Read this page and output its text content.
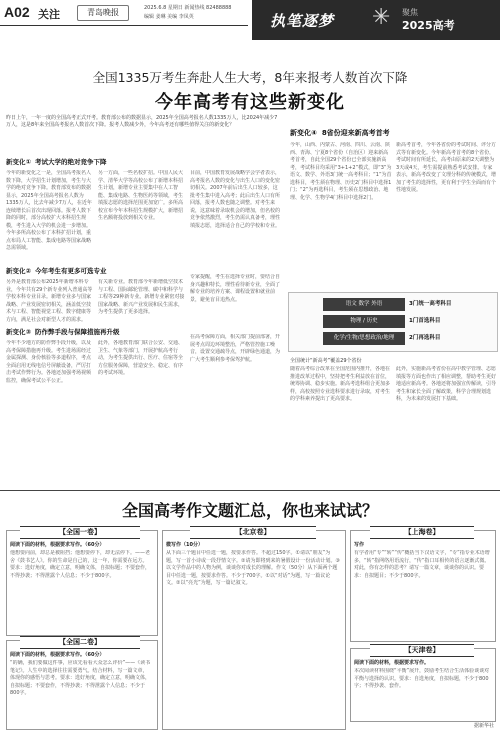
A02 关注	青岛晚报	2025.6.8 星期日 新闻热线 82488888
编辑 姜琳 美编 李凤英	执笔逐梦 ✳ 聚焦
2025高考
全国1335万考生奔赴人生大考，8年来报考人数首次下降
今年高考有这些新变化
昨日上午，一年一度的全国高考正式开考。教育部公布的数据显示，2025年全国高考报名人数1335万人，比2024年减少7万人，这是8年来全国高考报名人数首次下降。报考人数减少外，今年高考还有哪些值得关注的新变化？
新变化① 考试大学的绝对竞争下降
今年的新变化之一是，全国高考报名人数下降，大学招生计划增加，考生与大学的绝对竞争下降。教育部发布的数据显示，2025年全国高考报名人数为1335万人，比去年减少7万人，在近年连续增长后首次出现回落。报考人数下降的同时，部分高校扩大本科招生规模，考生进入大学的机会进一步增加。今年多所高校公布了本科扩招计划，重点布局人工智能、集成电路等国家战略急需领域。
另一方面，一些名校扩招。中国人民大学、清华大学等高校公布了新增本科招生计划，新增专业主要集中在人工智能、集成电路、生物医药等领域，考生填报志愿的选择范围更加宽广。多所高校宣布今年本科招生规模扩大，新增招生名额将投放到相关专业。
目前，中国教育发展战略学会学者表示，高考报名人数的变化与出生人口的变化密切相关。2007年前后出生人口较多，这批考生集中进入高考；此后出生人口有所回落，报考人数也随之调整。对考生来说，这意味着录取机会的增加，但名校的竞争依然激烈，考生仍需认真备考，理性填报志愿，选择适合自己的学校和专业。
新变化② 今年考生有更多可选专业
另外是教育部公布2025年新增本科专业，今年共有29个新专业列入普通高等学校本科专业目录。新增专业多与国家战略、产业发展密切相关，涵盖低空技术与工程、智能视觉工程、数字健康等方向，满足社会对新型人才的需求。
有关新专业。教育部今年新增低空技术与工程、国际邮轮管理、碳中和科学与工程等29种新专业。新增专业紧密对接国家战略、新兴产业发展和民生需求，为考生提供了更多选择。
专家提醒，考生在选择专业时，要结合自身兴趣和特长，理性看待新专业，全面了解专业的培养方案、课程设置和就业前景，避免盲目追热点。
新变化③ 防作弊手段与保障措施再升级
今年不少地方的防作弊手段升级，以及高考保障措施再升级。考生进场需经过金属探测、身份核验等多道程序，考点全面启用无线电信号屏蔽设备，严厉打击考试作弊行为。各地还加强考场视频监控，确保考试公平公正。
此外，各地教育部门联合公安、交通、卫生、气象等部门，开展护航高考行动，为考生提供出行、医疗、住宿等全方位服务保障，营造安全、稳定、有序的考试环境。
在高考保障方面，相关部门提前部署，开展考点周边环境整治，严格管控施工噪音，设置交通疏导点，开辟绿色通道，为广大考生顺利参考保驾护航。
新变化④ 8省份迎来新高考首考
今年，山西、内蒙古、河南、四川、云南、陕西、青海、宁夏8个省份（自治区）迎来新高考首考，自此全国29个省份已全部实施新高考，考试科目均采用“3+1+2”模式，即“3”为语文、数学、外语3门统一高考科目；“1”为首选科目，考生须在物理、历史2门科目中选择1门；“2”为再选科目，考生须在思想政治、地理、化学、生物学4门科目中选择2门。
新高考首考，今年各省份的考试时间、评分方式等有新变化。今年新高考首考的8个省份，考试时间有所延长，高考由原来的2天调整为3天或4天，考生需提前熟悉考试安排。专家表示，新高考改变了文理分科的传统模式，增加了考生的选择性，更有利于学生全面而有个性地发展。
语文 数学 外语	3门统一高考科目
物理 / 历史	1门首选科目
化学/生物/思想政治/地理	2门再选科目
全国统计“新高考”覆盖29个省份
随着高考综合改革在全国范围内推开，各地在推进改革过程中，坚持把考生利益放在首位，统筹协调、稳步实施。新高考选科组合更加多样，高校按照专业选科要求进行录取，对考生的学科素养提出了更高要求。
此外，实施新高考省份在高中教学管理、志愿填报等方面也作出了相应调整，帮助考生更好地适应新高考。各地还将加强宣传解读，引导考生和家长全面了解政策，科学合理规划选科，为未来的发展打下基础。
全国高考作文题汇总，你也来试试？
【全国一卷】
阅读下面的材料，根据要求写作。（60分）
他想要向前，却总是被阻挡；他想要停下，却无法停下。——老舍《鼓书艺人》。你的生命是自己的，这一年，你需要在远方。要求：选好角度，确定立意，明确文体，自拟标题；不要套作，不得抄袭；不得泄露个人信息；不少于800字。
【全国二卷】
阅读下面的材料，根据要求写作。（60分）
“的确，我们要做这件事，应该先看看大众怎么评价”——《读书笔记》。人生中的选择往往需要勇气。结合材料，写一篇文章，体现你的感悟与思考。要求：选好角度，确定立意，明确文体，自拟标题；不要套作，不得抄袭；不得泄露个人信息；不少于800字。
【北京卷】
微写作（10分）
从下面三个题目中任选一题，按要求作答。不超过150字。①请以“朋友”为题，写一首小诗或一段抒情文字。②请为即将到来的暑假设计一份活动计划。③以文学作品中的人物为例，谈谈你对成长的理解。作文（50分）从下面两个题目中任选一题，按要求作答。不少于700字。①以“对话”为题，写一篇议论文。②以“亮光”为题，写一篇记叙文。
【上海卷】
写作
有学者用“专”“转”“传”概括当下汉语文字，“专”指专业术语增多，“转”指网络用语流行，“传”指口耳相传的语言逐渐式微。对此，你有怎样的思考？请写一篇文章，谈谈你的认识。要求：自拟题目；不少于800字。
【天津卷】
阅读下面的材料，根据要求写作。
本次阅读材料围绕“平衡”展开，鼓励考生结合生活体验谈谈对平衡与选择的认识。要求：自选角度，自拟标题，不少于800字；不得抄袭、套作。
据新华社
